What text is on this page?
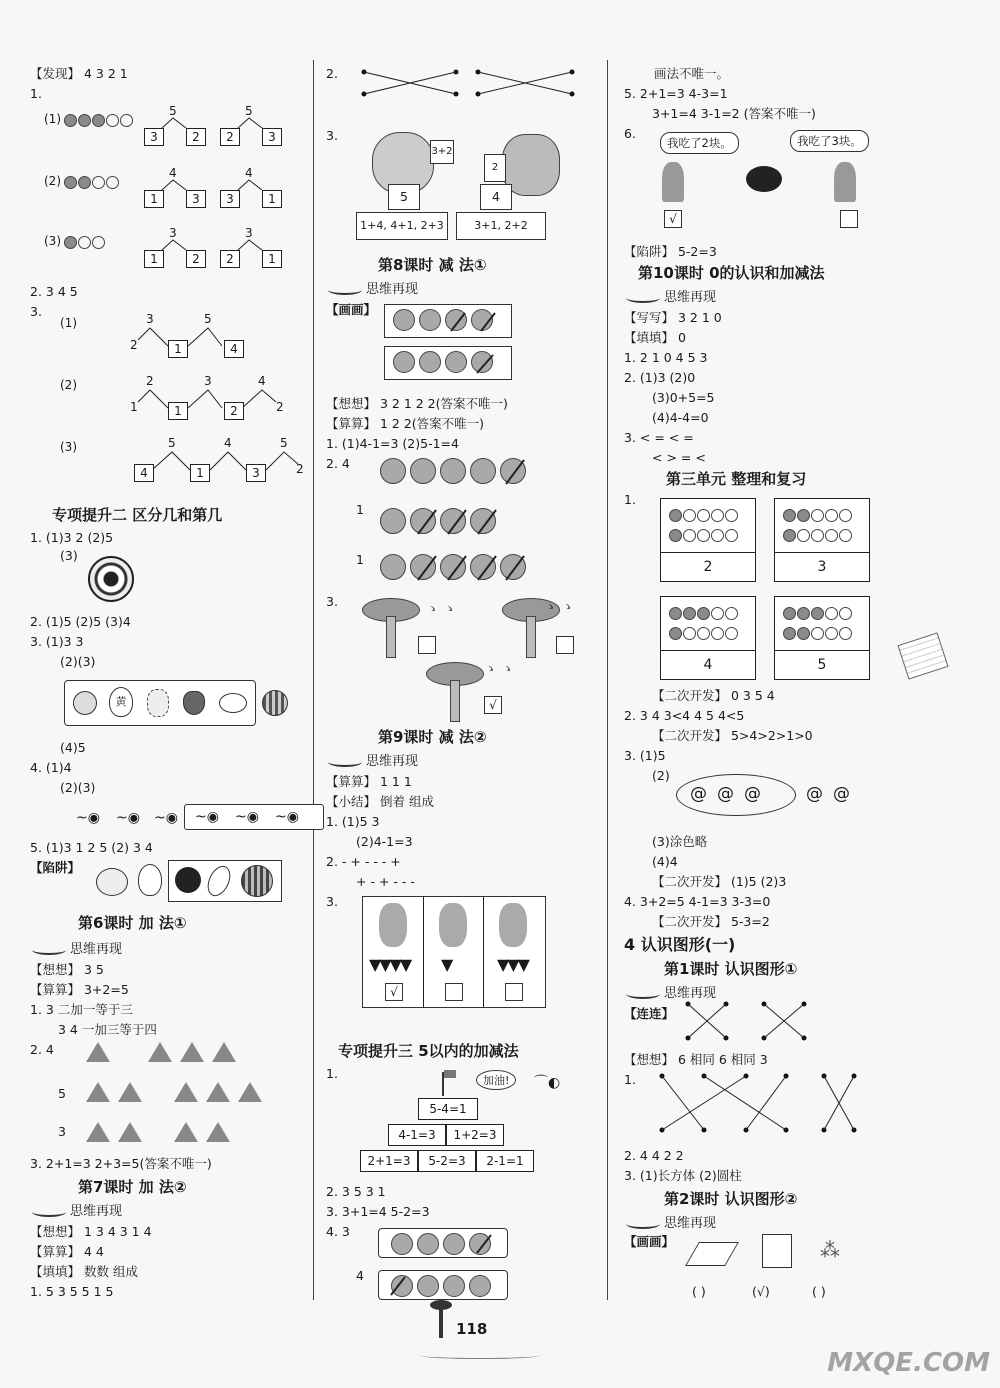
【发现】 4 3 2 1
1.
(1)
5	5
3	2	2	3
(2)
4	4
1	3	3	1
(3)
3	3
1	2	2	1
2. 3 4 5
3.
(1)	3	5
2	1	4
(2)	2	3	4
1	2
1	2
(3)	5	4	5
2
4	1	3
专项提升二 区分几和第几
1. (1)3 2 (2)5
(3)
2. (1)5 (2)5 (3)4
3. (1)3 3
(2)(3)
黄
(4)5
4. (1)4
(2)(3)
~◉ ~◉ ~◉ ~◉ ~◉ ~◉
5. (1)3 1 2 5 (2) 3 4
【陷阱】
第6课时 加 法①
思维再现
【想想】 3 5
【算算】 3+2=5
1. 3 二加一等于三
3 4 一加三等于四
2. 4
5
3
3. 2+1=3 2+3=5(答案不唯一)
第7课时 加 法②
思维再现
【想想】 1 3 4 3 1 4
【算算】 4 4
【填填】 数数 组成
1. 5 3 5 5 1 5
2.
3.
3+2
5
2
4
1+4, 4+1, 2+3	3+1, 2+2
第8课时 减 法①
思维再现
【画画】
【想想】 3 2 1 2 2(答案不唯一)
【算算】 1 2 2(答案不唯一)
1. (1)4-1=3 (2)5-1=4
2. 4
1
1
3.
ゝ ゝ	ゝ ゝ
ゝ ゝ
√
第9课时 减 法②
思维再现
【算算】 1 1 1
【小结】 倒着 组成
1. (1)5 3
(2)4-1=3
2. - + - - - +
+ - + - - -
3.
▼▼▼▼ ▼	▼▼▼
√
专项提升三 5以内的加减法
1.	加油!	⌒◐
5-4=1
4-1=3	1+2=3
2+1=3	5-2=3	2-1=1
2. 3 5 3 1
3. 3+1=4 5-2=3
4. 3
4
画法不唯一。
5. 2+1=3 4-3=1
3+1=4 3-1=2 (答案不唯一)
6.
我吃了2块。	我吃了3块。
√
【陷阱】 5-2=3
第10课时 0的认识和加减法
思维再现
【写写】 3 2 1 0
【填填】 0
1. 2 1 0 4 5 3
2. (1)3 (2)0
(3)0+5=5
(4)4-4=0
3. < = < =
< > = <
第三单元 整理和复习
1.
2	3
4	5
【二次开发】 0 3 5 4
2. 3 4 3<4 4 5 4<5
【二次开发】 5>4>2>1>0
3. (1)5
(2)
@@@ @@
(3)涂色略
(4)4
【二次开发】 (1)5 (2)3
4. 3+2=5 4-1=3 3-3=0
【二次开发】 5-3=2
4 认识图形(一)
第1课时 认识图形①
思维再现
【连连】
【想想】 6 相同 6 相同 3
1.
2. 4 4 2 2
3. (1)长方体 (2)圆柱
第2课时 认识图形②
思维再现
【画画】	⁂
( )	(√)	( )
118
MXQE.COM
